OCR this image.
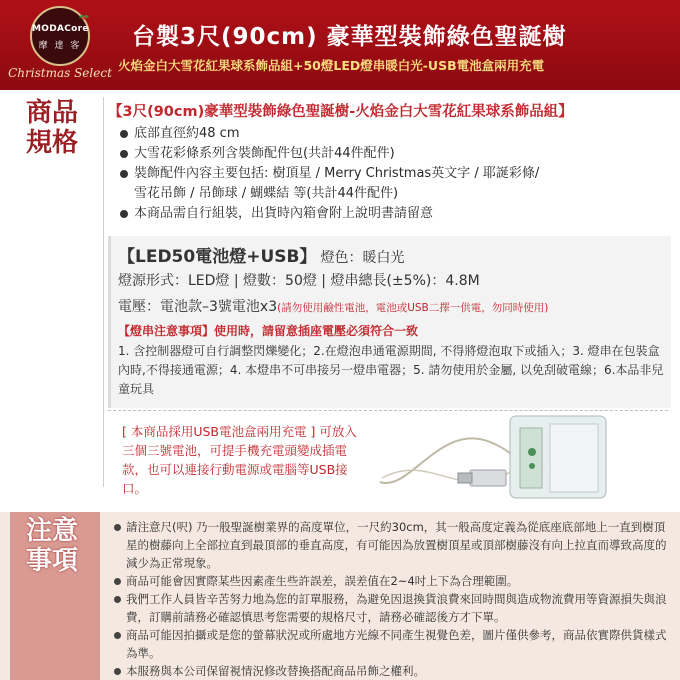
MODACore
摩 達 客
Christmas Select
台製3尺(90cm) 豪華型裝飾綠色聖誕樹
火焰金白大雪花紅果球系飾品組+50燈LED燈串暖白光-USB電池盒兩用充電
商品
規格
【3尺(90cm)豪華型裝飾綠色聖誕樹-火焰金白大雪花紅果球系飾品組】
底部直徑約48 cm
大雪花彩條系列含裝飾配件包(共計44件配件)
裝飾配件內容主要包括: 樹頂星 / Merry Christmas英文字 / 耶誕彩條/
雪花吊飾 / 吊飾球 / 蝴蝶結 等(共計44件配件)
本商品需自行組裝，出貨時內箱會附上說明書請留意
【LED50電池燈+USB】 燈色：暖白光
燈源形式：LED燈 | 燈數：50燈 | 燈串總長(±5%)：4.8M
電壓：電池款–3號電池x3(請勿使用鹼性電池，電池或USB二擇一供電，勿同時使用)
【燈串注意事項】使用時，請留意插座電壓必須符合一致
1. 含控制器燈可自行調整閃爍變化；2.在燈泡串通電源期間, 不得將燈泡取下或插入；3. 燈串在包裝盒內時,不得接通電源；4. 本燈串不可串接另一燈串電器；5. 請勿使用於金屬, 以免刮破電線；6.本品非兒童玩具
[ 本商品採用USB電池盒兩用充電 ] 可放入三個三號電池，可提手機充電頭變成插電款，也可以連接行動電源或電腦等USB接口。
注意
事項
請注意尺(呎) 乃一般聖誕樹業界的高度單位，一尺約30cm，其一般高度定義為從底座底部地上一直到樹頂星的樹藤向上全部拉直到最頂部的垂直高度，有可能因為放置樹頂星或頂部樹藤沒有向上拉直而導致高度的減少為正常現象。
商品可能會因實際某些因素產生些許誤差，誤差值在2~4吋上下為合理範圍。
我們工作人員皆辛苦努力地為您的訂單服務，為避免因退換貨浪費來回時間與造成物流費用等資源損失與浪費，訂購前請務必確認慎思考您需要的規格尺寸，請務必確認後方才下單。
商品可能因拍攝或是您的螢幕狀況或所處地方光線不同產生視覺色差，圖片僅供參考，商品依實際供貨樣式為準。
本服務與本公司保留視情況修改替換搭配商品吊飾之權利。
